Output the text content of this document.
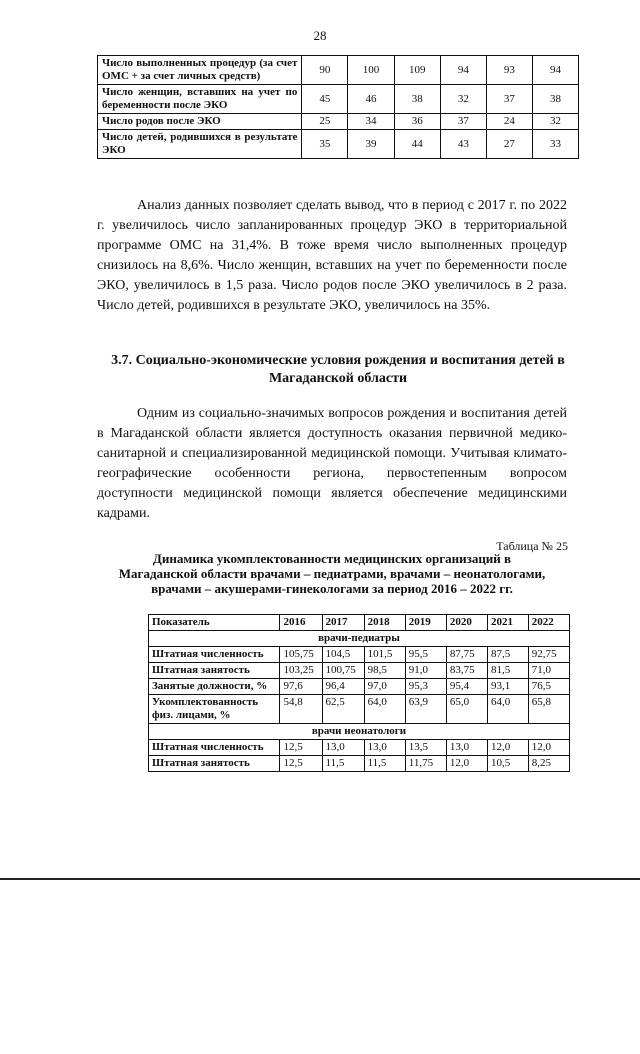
28
Число выполненных процедур (за счет ОМС + за счет личных средств)	90	100	109	94	93	94
Число женщин, вставших на учет по беременности после ЭКО	45	46	38	32	37	38
Число родов после ЭКО	25	34	36	37	24	32
Число детей, родившихся в результате ЭКО	35	39	44	43	27	33
Анализ данных позволяет сделать вывод, что в период с 2017 г. по 2022 г. увеличилось число запланированных процедур ЭКО в территориальной программе ОМС на 31,4%. В тоже время число выполненных процедур снизилось на 8,6%. Число женщин, вставших на учет по беременности после ЭКО, увеличилось в 1,5 раза. Число родов после ЭКО увеличилось в 2 раза. Число детей, родившихся в результате ЭКО, увеличилось на 35%.
3.7. Социально-экономические условия рождения и воспитания детей в Магаданской области
Одним из социально-значимых вопросов рождения и воспитания детей в Магаданской области является доступность оказания первичной медико-санитарной и специализированной медицинской помощи. Учитывая климато-географические особенности региона, первостепенным вопросом доступности медицинской помощи является обеспечение медицинскими кадрами.
Таблица № 25
Динамика укомплектованности медицинских организаций в Магаданской области врачами – педиатрами, врачами – неонатологами, врачами – акушерами-гинекологами за период 2016 – 2022 гг.
Показатель	2016	2017	2018	2019	2020	2021	2022
врачи-педиатры							
Штатная численность	105,75	104,5	101,5	95,5	87,75	87,5	92,75
Штатная занятость	103,25	100,75	98,5	91,0	83,75	81,5	71,0
Занятые должности, %	97,6	96,4	97,0	95,3	95,4	93,1	76,5
Укомплектованность физ. лицами, %	54,8	62,5	64,0	63,9	65,0	64,0	65,8
врачи неонатологи							
Штатная численность	12,5	13,0	13,0	13,5	13,0	12,0	12,0
Штатная занятость	12,5	11,5	11,5	11,75	12,0	10,5	8,25
